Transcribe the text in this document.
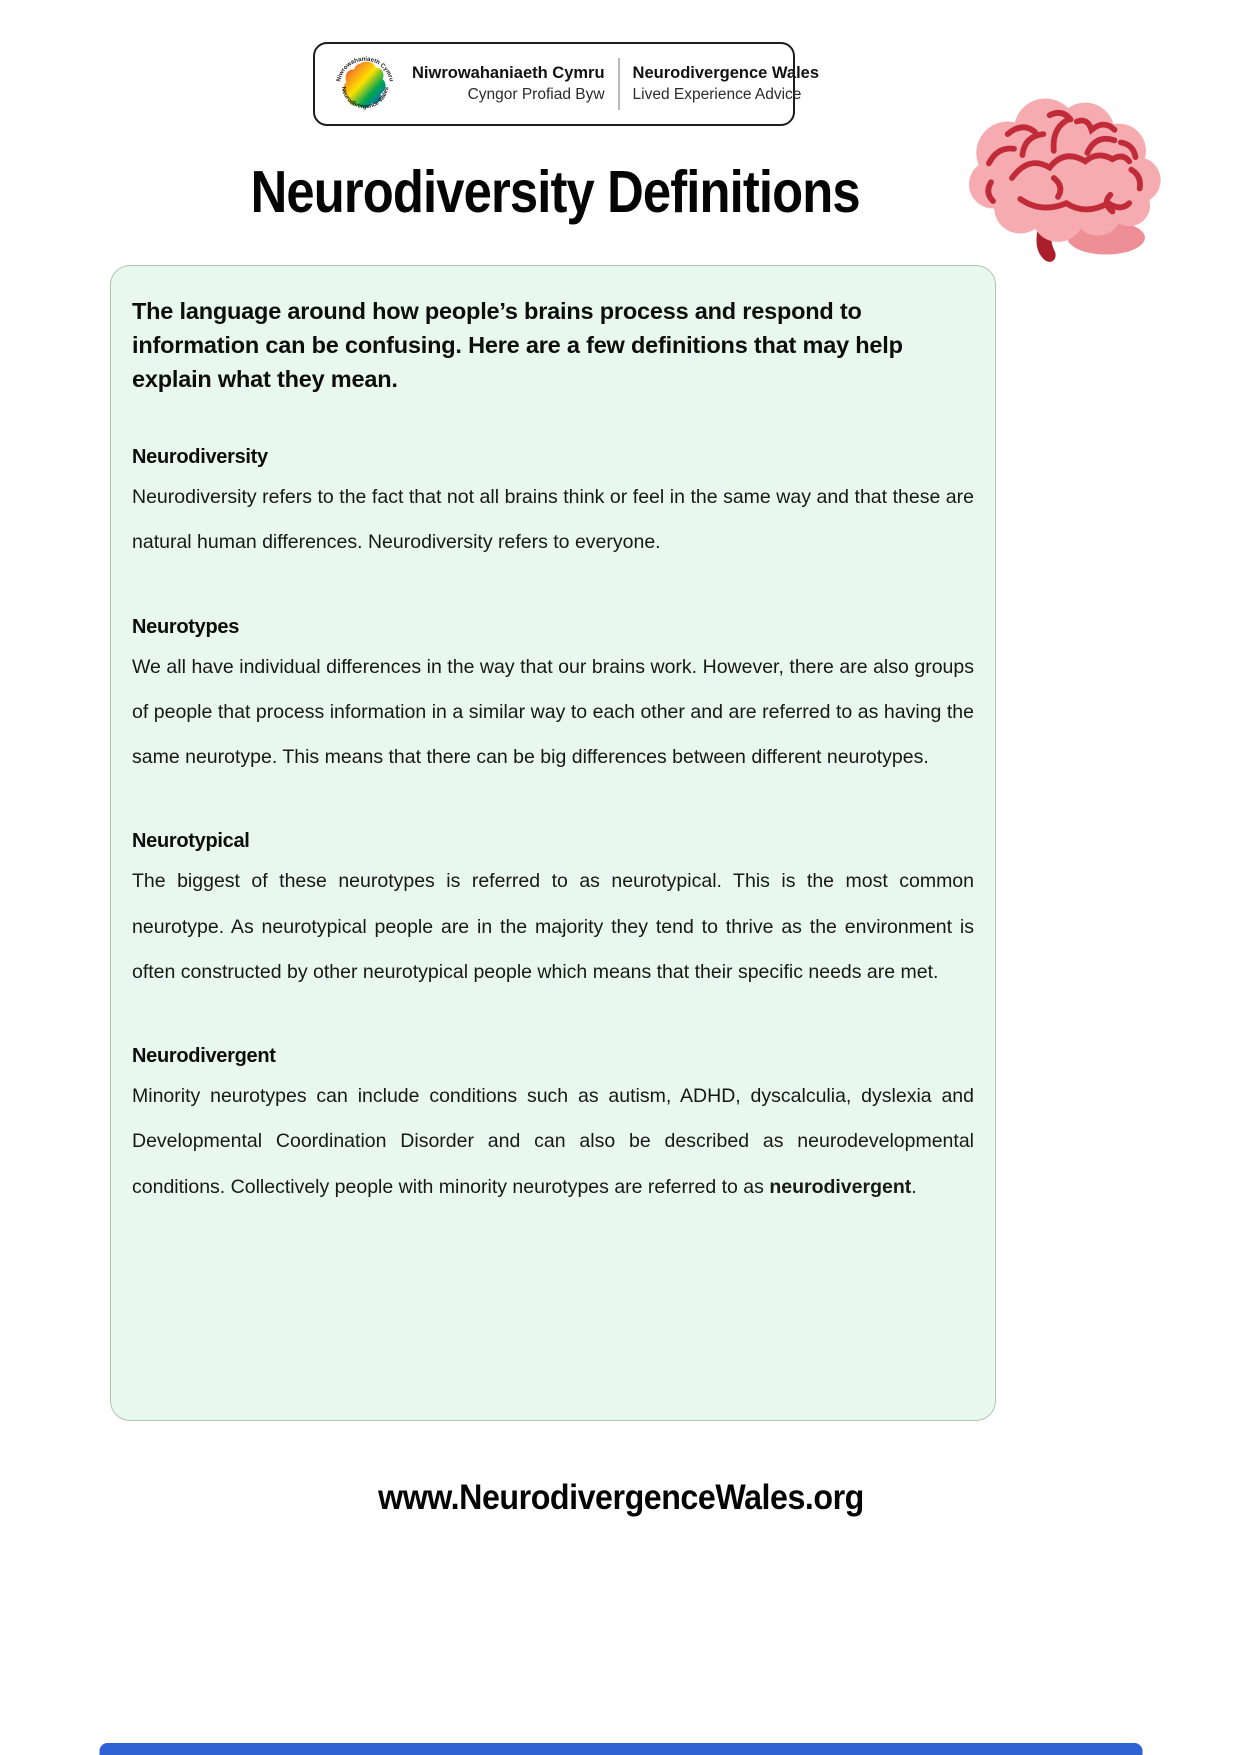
Niwrowahaniaeth Cymru
Neurodivergence Wales
Niwrowahaniaeth Cymru
Cyngor Profiad Byw
Neurodivergence Wales
Lived Experience Advice
Neurodiversity Definitions

The language around how people’s brains process and respond to information can be confusing. Here are a few definitions that may help explain what they mean.

Neurodiversity

Neurodiversity refers to the fact that not all brains think or feel in the same way and that these are natural human differences. Neurodiversity refers to everyone.

Neurotypes

We all have individual differences in the way that our brains work. However, there are also groups of people that process information in a similar way to each other and are referred to as having the same neurotype. This means that there can be big differences between different neurotypes.

Neurotypical

The biggest of these neurotypes is referred to as neurotypical. This is the most common neurotype. As neurotypical people are in the majority they tend to thrive as the environment is often constructed by other neurotypical people which means that their specific needs are met.

Neurodivergent

Minority neurotypes can include conditions such as autism, ADHD, dyscalculia, dyslexia and Developmental Coordination Disorder and can also be described as neurodevelopmental conditions. Collectively people with minority neurotypes are referred to as neurodivergent.

www.NeurodivergenceWales.org
